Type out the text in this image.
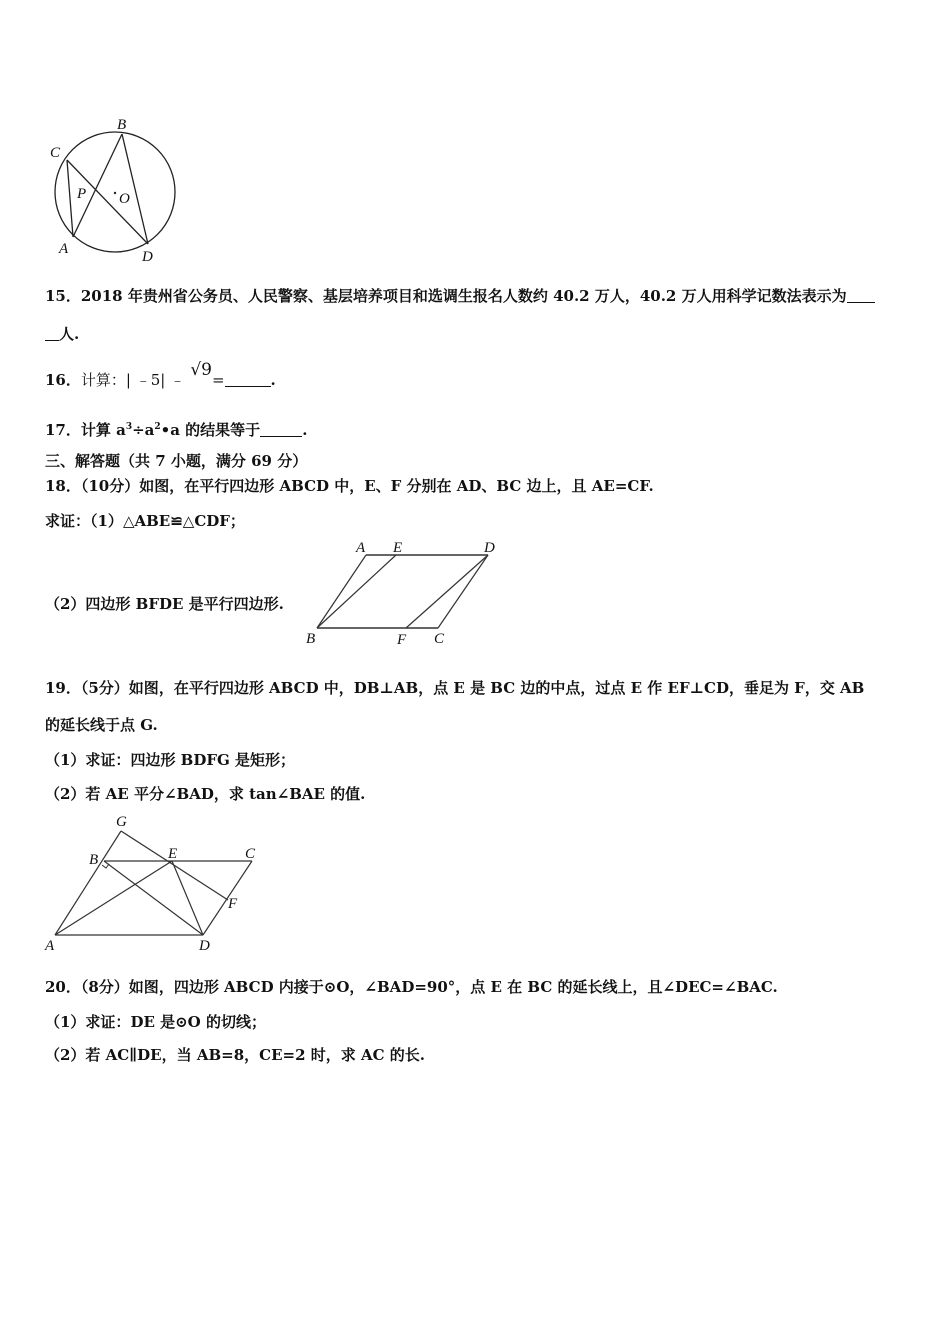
C
B
P O
A	D
15．2018 年贵州省公务员、人民警察、基层培养项目和选调生报名人数约 40.2 万人，40.2 万人用科学记数法表示为
人.
16．计算：| ﹣5| ﹣ √9=	.
17．计算 $a^3\div a^2•a$ 的结果等于	.
三、解答题（共 7 小题，满分 69 分）
18．（10分）如图，在平行四边形 ABCD 中，E、F 分别在 AD、BC 边上，且 AE=CF.
求证：（1）△ABE≌△CDF；
（2）四边形 BFDE 是平行四边形.
A E	D
B	F C
19．（5分）如图，在平行四边形 ABCD 中，DB⊥AB，点 E 是 BC 边的中点，过点 E 作 EF⊥CD，垂足为 F，交 AB
的延长线于点 G.
（1）求证：四边形 BDFG 是矩形；
（2）若 AE 平分∠BAD，求 tan∠BAE 的值.
G
B	E	C
F
A	D
20．（8分）如图，四边形 ABCD 内接于⊙O，∠BAD=90°，点 E 在 BC 的延长线上，且∠DEC=∠BAC.
（1）求证：DE 是⊙O 的切线；
（2）若 AC∥DE，当 AB=8，CE=2 时，求 AC 的长.
